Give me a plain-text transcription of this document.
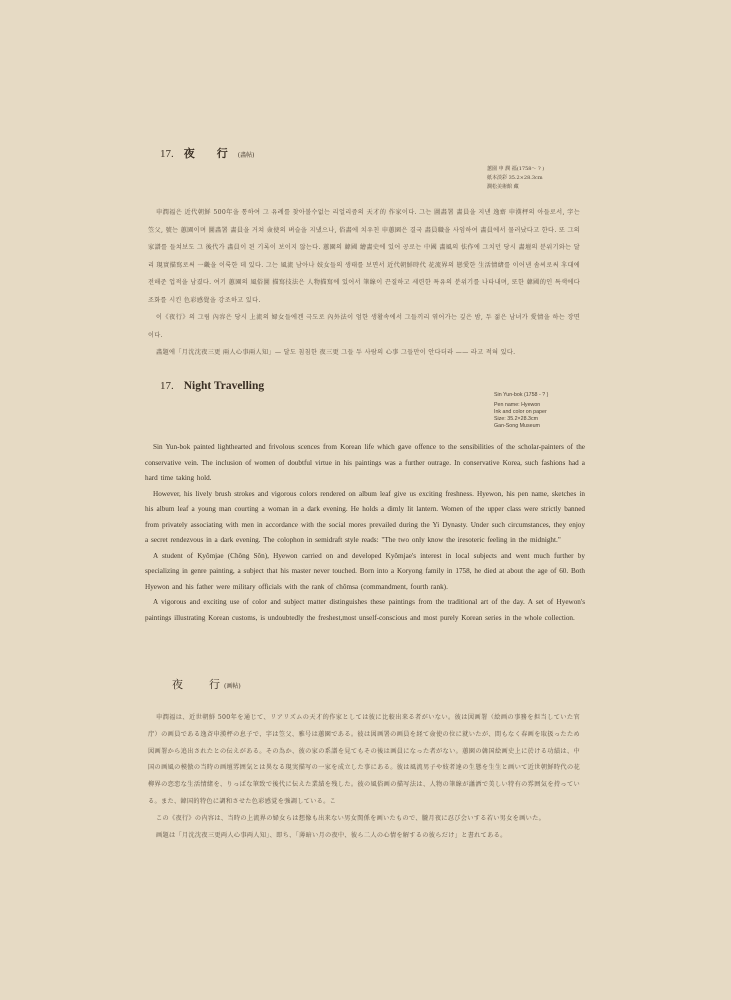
17. 夜 行 (畵帖)
蕙園 申 潤 福(1758～ ? )
紙本淡彩 35.2×28.3cm
澗松美術館 藏

申潤福은 近代朝鮮 500年을 통하여 그 유례를 찾아볼수없는 리얼리즘의 天才的 作家이다. 그는 圖畵署 畵員을 지낸 逸齋 申漢枰의 아들로서, 字는 笠父, 號는 蕙園이며 圖畵署 畵員을 거쳐 僉使의 벼슬을 지냈으나, 俗畵에 치우친 申蕙園은 결국 畵員職을 사임하여 畵員에서 물러났다고 한다. 또 그의 家譜를 들쳐보도 그 後代가 畵員이 된 기록이 보이지 않는다. 蕙園의 韓國 繪畵史에 있어 공로는 中國 畵風의 怯作에 그치던 당시 畵壇의 분위기와는 달리 現實描寫로써 一畿을 이룩한 데 있다. 그는 風流 남아나 妓女들의 생태를 보면서 近代朝鮮時代 花流界의 戀愛한 生活情緖를 이어낸 솜씨로써 후대에 전해준 업적을 남겼다. 여기 蕙園의 風俗圖 描寫技法은 人物描寫에 있어서 筆線이 끈질하고 세련한 특유의 분위기를 나타내며, 또한 韓國的인 특색에다 조화를 시킨 色彩感覺을 강조하고 있다.

이《夜行》의 그림 內容은 당시 上流의 婦女들에겐 극도로 內外法이 엄한 생활속에서 그들끼리 엮어가는 깊은 밤, 두 젊은 남녀가 愛情을 하는 장면이다.

畵題에「月沈沈夜三更 兩人心事兩人知」— 달도 침침한 夜三更 그들 두 사람의 心事 그들만이 안다더라 —— 라고 적혀 있다.

17. Night Travelling
Sin Yun-bok (1758 - ? )
Pen name: Hyewon
Ink and color on paper
Size: 35.2×28.3cm
Gan-Song Museum

Sin Yun-bok painted lighthearted and frivolous scences from Korean life which gave offence to the sensibilities of the scholar-painters of the conservative vein. The inclusion of women of doubtful virtue in his paintings was a further outrage. In conservative Korea, such fashions had a hard time taking hold.

However, his lively brush strokes and vigorous colors rendered on album leaf give us exciting freshness. Hyewon, his pen name, sketches in his album leaf a young man courting a woman in a dark evening. He holds a dimly lit lantern. Women of the upper class were strictly banned from privately associating with men in accordance with the social mores prevailed during the Yi Dynasty. Under such circumstances, they enjoy a secret rendezvous in a dark evening. The colophon in semidraft style reads: "The two only know the iresoteric feeling in the midnight."

A student of Kyŏmjae (Chŏng Sŏn), Hyewon carried on and developed Kyŏmjae's interest in local subjects and went much further by specializing in genre painting, a subject that his master never touched. Born into a Koryong family in 1758, he died at about the age of 60. Both Hyewon and his father were military officials with the rank of chŏmsa (commandment, fourth rank).

A vigorous and exciting use of color and subject matter distinguishes these paintings from the traditional art of the day. A set of Hyewon's paintings illustrating Korean customs, is undoubtedly the freshest,most unself-conscious and most purely Korean series in the whole collection.

夜 行 (画帖)

申潤福は、近世朝鮮 500年を通じて、リアリズムの天才的作家としては彼に比較出来る者がいない。彼は図画署（絵画の事務を担当していた官庁）の画員である逸斉申漢枰の息子で、字は笠父、雅号は蕙園である。彼は図画署の画員を経て僉使の位に就いたが、間もなく春画を取扱ったため図画署から追出されたとの伝えがある。その為か、彼の家の系譜を見てもその後は画員になった者がない。蕙園の韓国絵画史上に於ける功績は、中国の画風の模倣の当時の画壇雰囲気とは異なる現実描写の一家を成立した事にある。彼は風流男子や妓者達の生態を生生と画いて近世朝鮮時代の花柳界の恋恋な生活情緒を、りっぱな筆致で後代に伝えた業績を残した。彼の風俗画の描写法は、人物の筆線が瀟洒で美しい特有の雰囲気を持っている。また、韓国的特色に調和させた色彩感覚を強調している。こ

この《夜行》の内容は、当時の上流界の婦女らは想像も出来ない男女関係を画いたもので、朧月夜に忍び会いする若い男女を画いた。

画題は「月沈沈夜三更両人心事両人知」、即ち、「薄暗い月の夜中、彼ら二人の心情を解するの彼らだけ」と書れてある。
